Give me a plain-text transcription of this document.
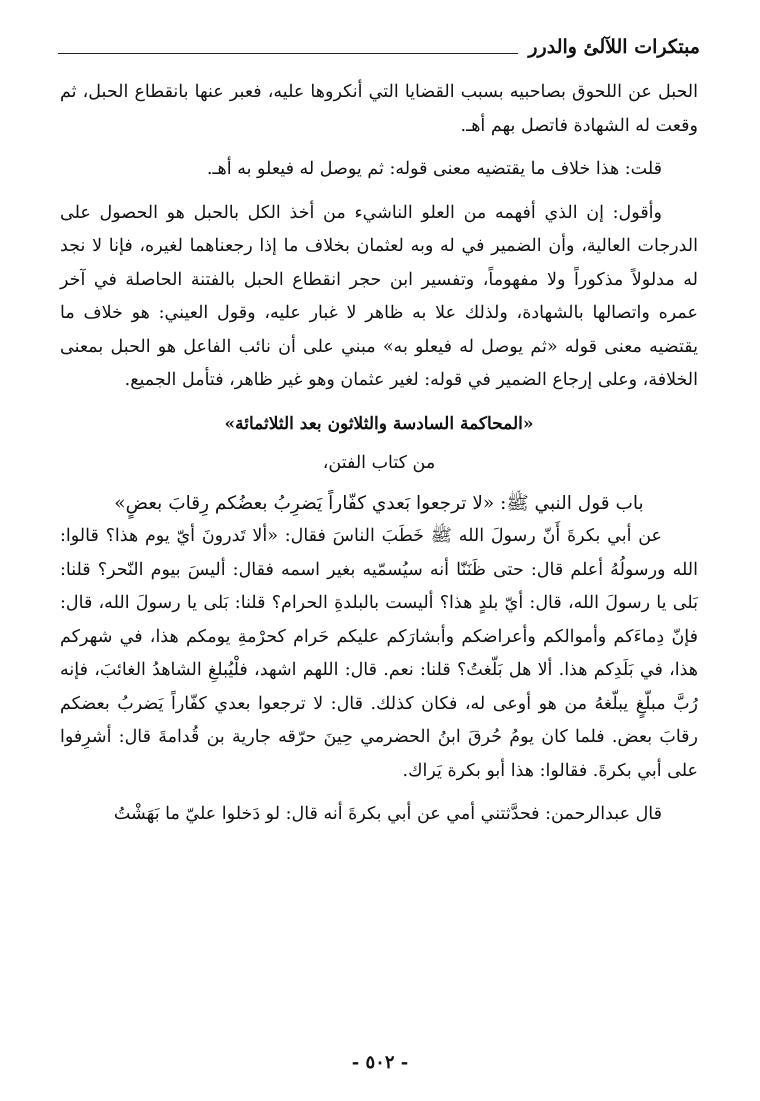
مبتكرات اللآلئ والدرر

الحبل عن اللحوق بصاحبيه بسبب القضايا التي أنكروها عليه، فعبر عنها بانقطاع الحبل، ثم وقعت له الشهادة فاتصل بهم أهـ.

قلت: هذا خلاف ما يقتضيه معنى قوله: ثم يوصل له فيعلو به أهـ.

وأقول: إن الذي أفهمه من العلو الناشيء من أخذ الكل بالحبل هو الحصول على الدرجات العالية، وأن الضمير في له وبه لعثمان بخلاف ما إذا رجعناهما لغيره، فإنا لا نجد له مدلولاً مذكوراً ولا مفهوماً، وتفسير ابن حجر انقطاع الحبل بالفتنة الحاصلة في آخر عمره واتصالها بالشهادة، ولذلك علا به ظاهر لا غبار عليه، وقول العيني: هو خلاف ما يقتضيه معنى قوله «ثم يوصل له فيعلو به» مبني على أن نائب الفاعل هو الحبل بمعنى الخلافة، وعلى إرجاع الضمير في قوله: لغير عثمان وهو غير ظاهر، فتأمل الجميع.

«المحاكمة السادسة والثلاثون بعد الثلاثمائة»

من كتاب الفتن،

باب قول النبي ﷺ: «لا ترجعوا بَعدي كفّاراً يَضرِبُ بعضُكم رِقابَ بعضٍ»

عن أبي بكرةَ أَنّ رسولَ الله ﷺ خَطَبَ الناسَ فقال: «ألا تَدرونَ أيّ يوم هذا؟ قالوا: الله ورسولُهُ أعلم قال: حتى ظَنَنّا أنه سيُسمّيه بغير اسمه فقال: أليسَ بيوم النّحر؟ قلنا: بَلى يا رسولَ الله، قال: أيّ بلدٍ هذا؟ أليست بالبلدةِ الحرام؟ قلنا: بَلى يا رسولَ الله، قال: فإنّ دِماءَكم وأموالكم وأعراضكم وأبشارَكم عليكم حَرام كحرْمةِ يومكم هذا، في شهركم هذا، في بَلَدِكم هذا. ألا هل بَلّغتُ؟ قلنا: نعم. قال: اللهم اشهد، فلْيُبلغِ الشاهدُ الغائبَ، فإنه رُبَّ مبلّغٍ يبلّغهُ من هو أوعى له، فكان كذلك. قال: لا ترجعوا بعدي كفّاراً يَضربُ بعضكم رقابَ بعض. فلما كان يومُ حُرقَ ابنُ الحضرمي حِينَ حرّقه جارية بن قُدامةَ قال: أشرِفوا على أبي بكرةَ. فقالوا: هذا أبو بكرة يَراك.

قال عبدالرحمن: فحدَّثتني أمي عن أبي بكرةَ أنه قال: لو دَخلوا عليّ ما بَهَشْتُ

- ٥٠٢ -
